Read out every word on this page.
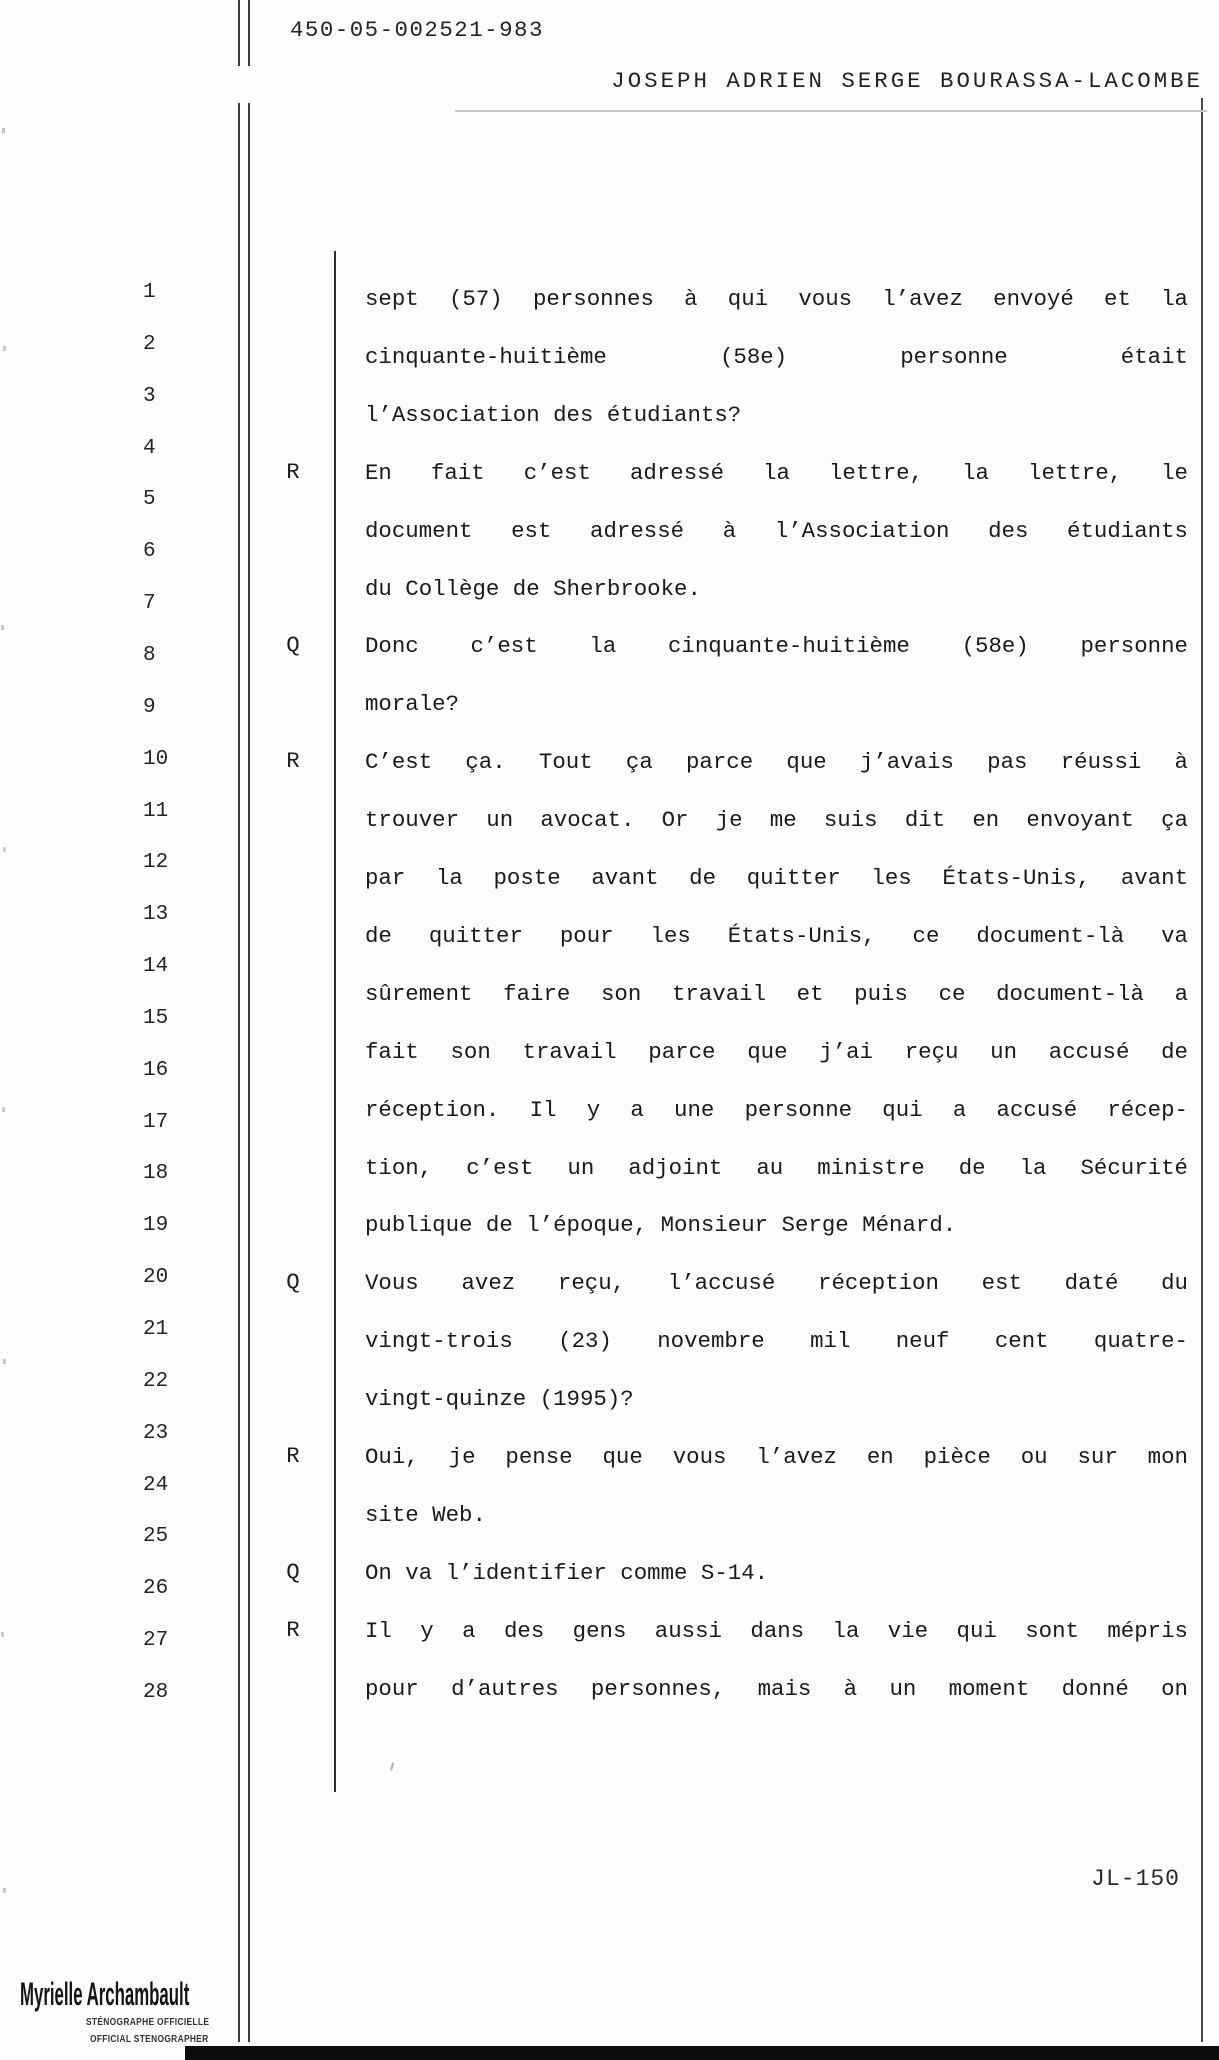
450-05-002521-983
JOSEPH ADRIEN SERGE BOURASSA-LACOMBE
1
2
3
4
5
6
7
8
9
10
11
12
13
14
15
16
17
18
19
20
21
22
23
24
25
26
27
28
sept (57) personnes à qui vous l’avez envoyé et la
cinquante-huitième (58e) personne était
l’Association des étudiants?
R	En fait c’est adressé la lettre, la lettre, le
document est adressé à l’Association des étudiants
du Collège de Sherbrooke.
Q	Donc c’est la cinquante-huitième (58e) personne
morale?
R	C’est ça. Tout ça parce que j’avais pas réussi à
trouver un avocat. Or je me suis dit en envoyant ça
par la poste avant de quitter les États-Unis, avant
de quitter pour les États-Unis, ce document-là va
sûrement faire son travail et puis ce document-là a
fait son travail parce que j’ai reçu un accusé de
réception. Il y a une personne qui a accusé récep-
tion, c’est un adjoint au ministre de la Sécurité
publique de l’époque, Monsieur Serge Ménard.
Q	Vous avez reçu, l’accusé réception est daté du
vingt-trois (23) novembre mil neuf cent quatre-
vingt-quinze (1995)?
R	Oui, je pense que vous l’avez en pièce ou sur mon
site Web.
Q	On va l’identifier comme S-14.
R	Il y a des gens aussi dans la vie qui sont mépris
pour d’autres personnes, mais à un moment donné on
JL-150
Myrielle Archambault
STÉNOGRAPHE OFFICIELLE
OFFICIAL STENOGRAPHER
